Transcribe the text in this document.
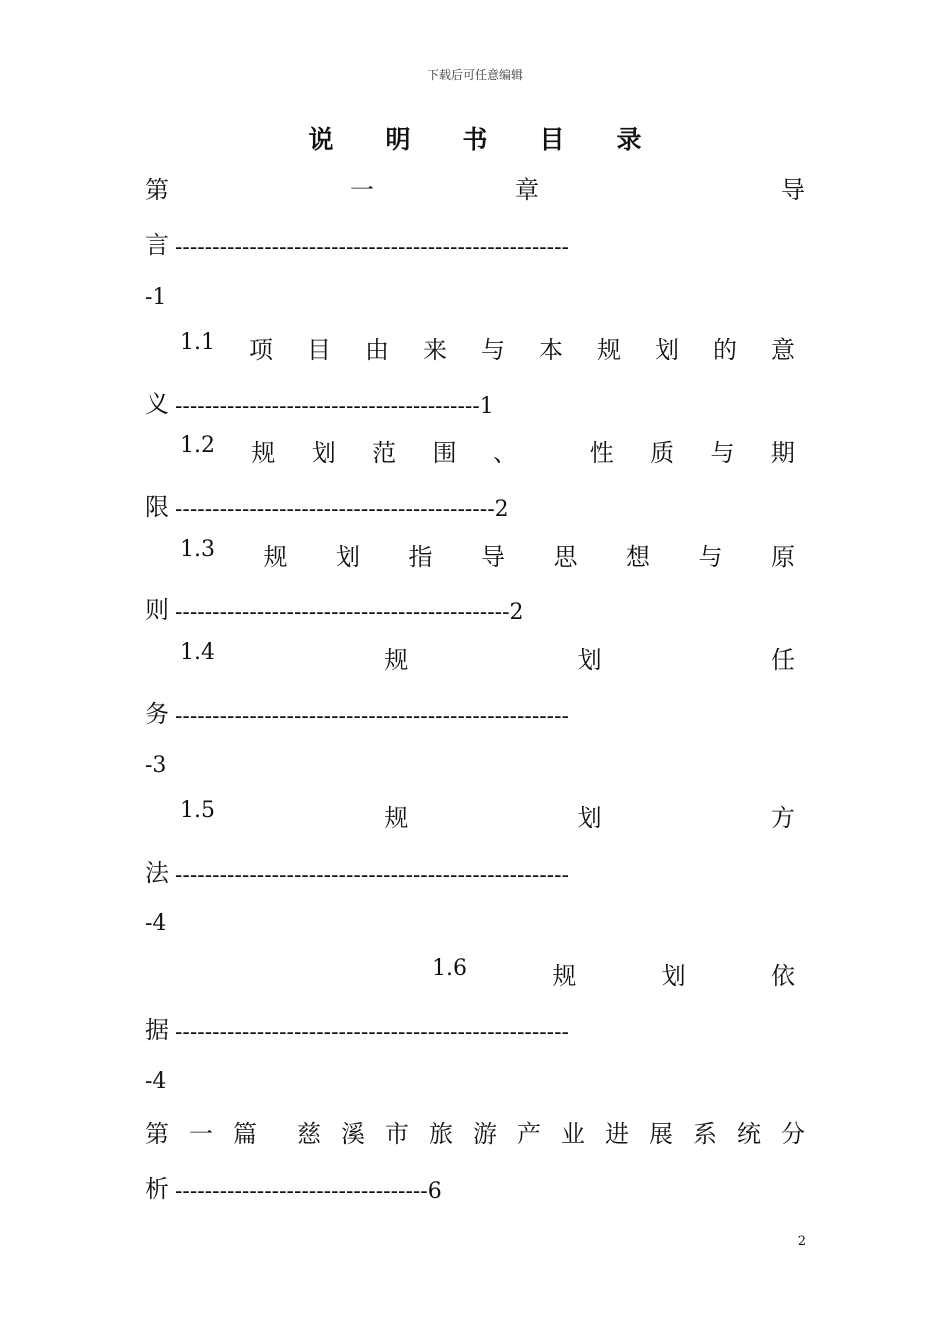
下载后可任意编辑
说 明 书 目 录
第	一	章	导
言 -----------------------------------------------------
-1
1.1 项 目 由 来 与 本 规 划 的 意
义 ----------------------------------------- 1
1.2 规 划 范 围 、	性 质 与 期
限 ------------------------------------------- 2
1.3 规 划 指 导 思 想 与 原
则 --------------------------------------------- 2
1.4	规	划	任
务 -----------------------------------------------------
-3
1.5	规	划	方
法 -----------------------------------------------------
-4
1.6	规	划	依
据 -----------------------------------------------------
-4
第 一 篇 慈 溪 市 旅 游 产 业 进 展 系 统 分
析 ---------------------------------- 6
2
